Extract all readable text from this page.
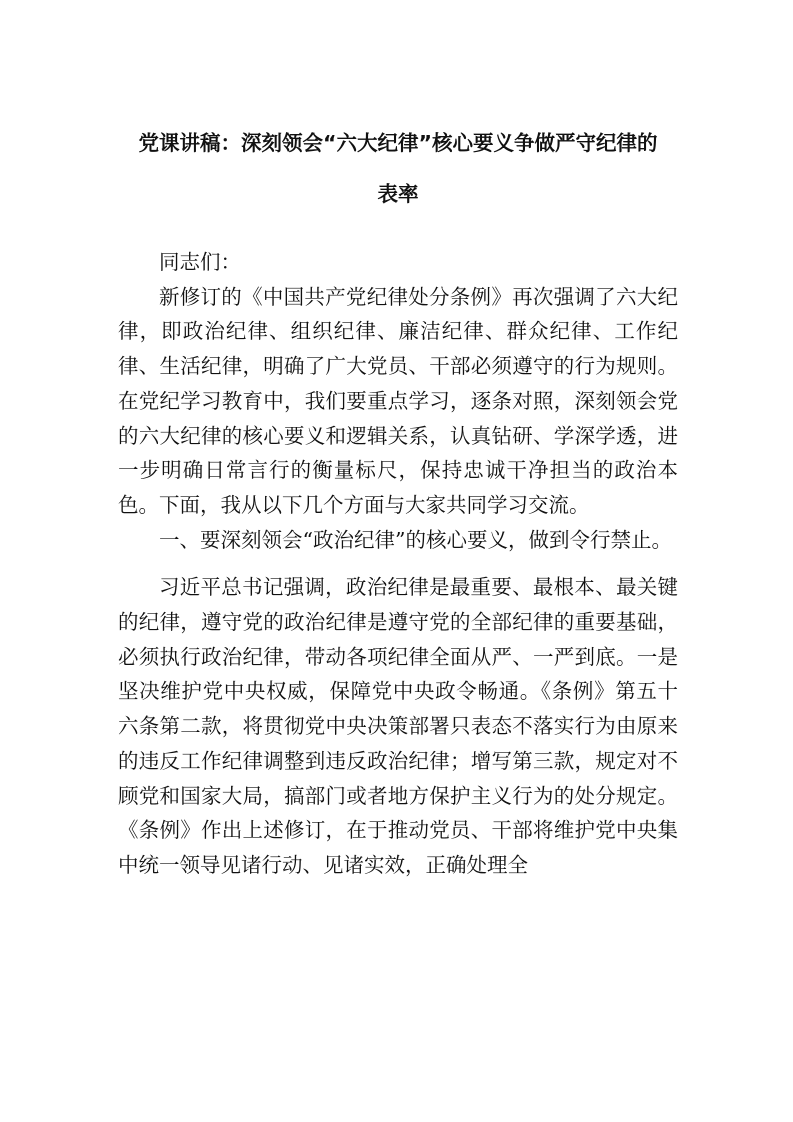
党课讲稿：深刻领会“六大纪律”核心要义争做严守纪律的
表率

同志们：

新修订的《中国共产党纪律处分条例》再次强调了六大纪律，即政治纪律、组织纪律、廉洁纪律、群众纪律、工作纪律、生活纪律，明确了广大党员、干部必须遵守的行为规则。在党纪学习教育中，我们要重点学习，逐条对照，深刻领会党的六大纪律的核心要义和逻辑关系，认真钻研、学深学透，进一步明确日常言行的衡量标尺，保持忠诚干净担当的政治本色。下面，我从以下几个方面与大家共同学习交流。

一、要深刻领会“政治纪律”的核心要义，做到令行禁止。

习近平总书记强调，政治纪律是最重要、最根本、最关键的纪律，遵守党的政治纪律是遵守党的全部纪律的重要基础，必须执行政治纪律，带动各项纪律全面从严、一严到底。一是坚决维护党中央权威，保障党中央政令畅通。《条例》第五十六条第二款，将贯彻党中央决策部署只表态不落实行为由原来的违反工作纪律调整到违反政治纪律；增写第三款，规定对不顾党和国家大局，搞部门或者地方保护主义行为的处分规定。《条例》作出上述修订，在于推动党员、干部将维护党中央集中统一领导见诸行动、见诸实效，正确处理全
